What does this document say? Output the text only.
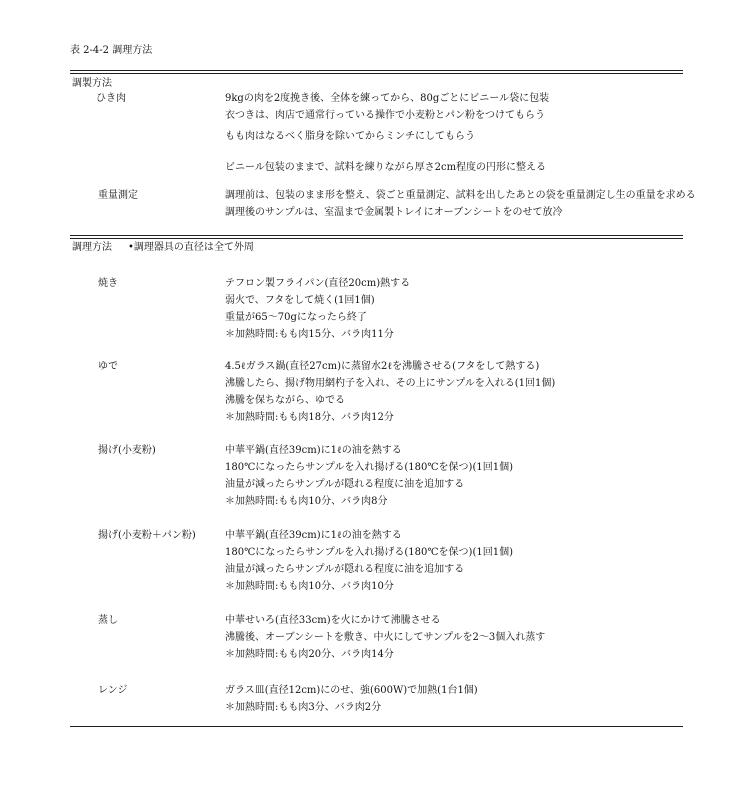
表 2-4-2 調理方法
調製方法
ひき肉	9kgの肉を2度挽き後、全体を練ってから、80gごとにビニール袋に包装
衣つきは、肉店で通常行っている操作で小麦粉とパン粉をつけてもらう
もも肉はなるべく脂身を除いてからミンチにしてもらう
ビニール包装のままで、試料を練りながら厚さ2cm程度の円形に整える
重量測定	調理前は、包装のまま形を整え、袋ごと重量測定、試料を出したあとの袋を重量測定し生の重量を求める
調理後のサンプルは、室温まで金属製トレイにオーブンシートをのせて放冷
調理方法 •調理器具の直径は全て外周
焼き	テフロン製フライパン(直径20cm)熱する
弱火で、フタをして焼く(1回1個)
重量が65～70gになったら終了
＊加熱時間:もも肉15分、バラ肉11分
ゆで	4.5ℓガラス鍋(直径27cm)に蒸留水2ℓを沸騰させる(フタをして熱する)
沸騰したら、揚げ物用網杓子を入れ、その上にサンプルを入れる(1回1個)
沸騰を保ちながら、ゆでる
＊加熱時間:もも肉18分、バラ肉12分
揚げ(小麦粉)	中華平鍋(直径39cm)に1ℓの油を熱する
180℃になったらサンプルを入れ揚げる(180℃を保つ)(1回1個)
油量が減ったらサンプルが隠れる程度に油を追加する
＊加熱時間:もも肉10分、バラ肉8分
揚げ(小麦粉＋パン粉)	中華平鍋(直径39cm)に1ℓの油を熱する
180℃になったらサンプルを入れ揚げる(180℃を保つ)(1回1個)
油量が減ったらサンプルが隠れる程度に油を追加する
＊加熱時間:もも肉10分、バラ肉10分
蒸し	中華せいろ(直径33cm)を火にかけて沸騰させる
沸騰後、オーブンシートを敷き、中火にしてサンプルを2～3個入れ蒸す
＊加熱時間:もも肉20分、バラ肉14分
レンジ	ガラス皿(直径12cm)にのせ、強(600W)で加熱(1台1個)
＊加熱時間:もも肉3分、バラ肉2分
